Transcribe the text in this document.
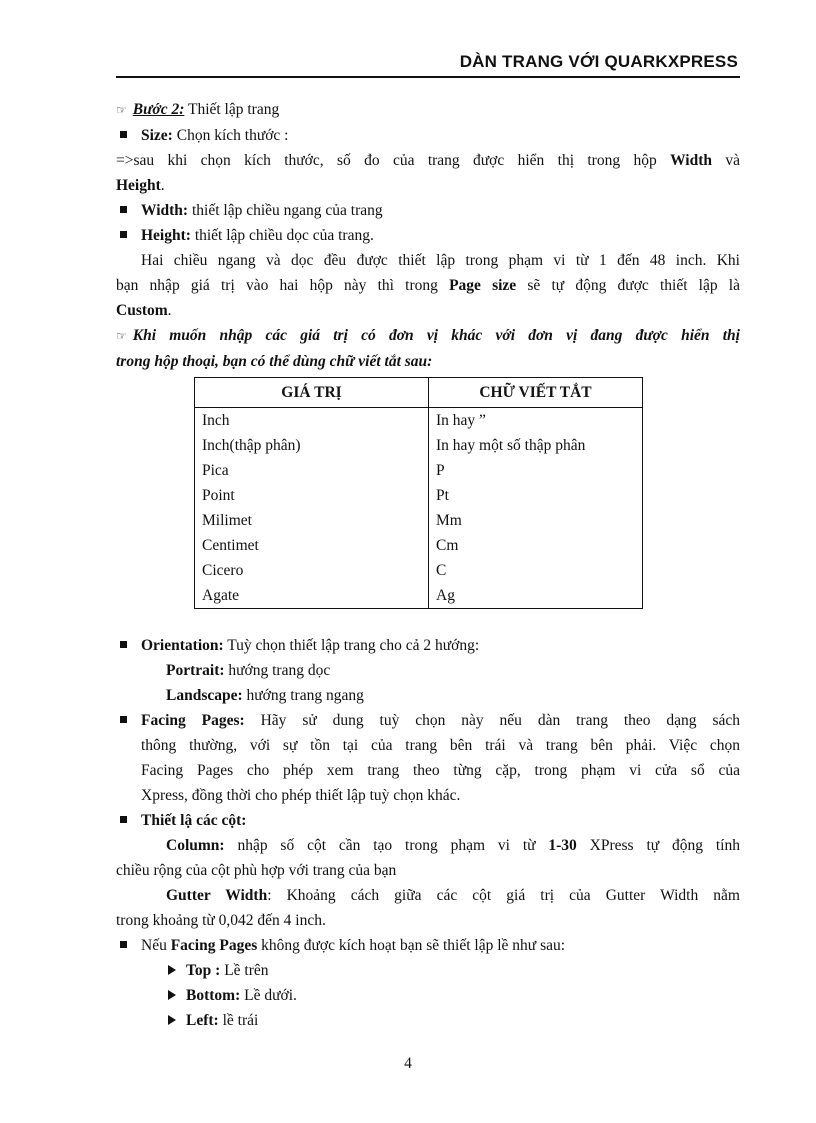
DÀN TRANG VỚI QUARKXPRESS
☞ Bước 2: Thiết lập trang
Size: Chọn kích thước :
=>sau khi chọn kích thước, số đo của trang được hiển thị trong hộp Width và
Height.
Width: thiết lập chiều ngang của trang
Height: thiết lập chiều dọc của trang.
Hai chiều ngang và dọc đều được thiết lập trong phạm vi từ 1 đến 48 inch. Khi
bạn nhập giá trị vào hai hộp này thì trong Page size sẽ tự động được thiết lập là
Custom.
☞ Khi muốn nhập các giá trị có đơn vị khác với đơn vị đang được hiển thị
trong hộp thoại, bạn có thể dùng chữ viết tắt sau:
GIÁ TRỊ	CHỮ VIẾT TẮT
Inch	In hay ”
Inch(thập phân)	In hay một số thập phân
Pica	P
Point	Pt
Milimet	Mm
Centimet	Cm
Cicero	C
Agate	Ag
Orientation: Tuỳ chọn thiết lập trang cho cả 2 hướng:
Portrait: hướng trang dọc
Landscape: hướng trang ngang
Facing Pages: Hãy sử dung tuỳ chọn này nếu dàn trang theo dạng sách
thông thường, với sự tồn tại của trang bên trái và trang bên phải. Việc chọn
Facing Pages cho phép xem trang theo từng cặp, trong phạm vi cửa sổ của
Xpress, đồng thời cho phép thiết lập tuỳ chọn khác.
Thiết lậ các cột:
Column: nhập số cột cần tạo trong phạm vi từ 1-30 XPress tự động tính
chiều rộng của cột phù hợp với trang của bạn
Gutter Width: Khoảng cách giữa các cột giá trị của Gutter Width nằm
trong khoảng từ 0,042 đến 4 inch.
Nếu Facing Pages không được kích hoạt bạn sẽ thiết lập lề như sau:
Top : Lề trên
Bottom: Lề dưới.
Left: lề trái
4
